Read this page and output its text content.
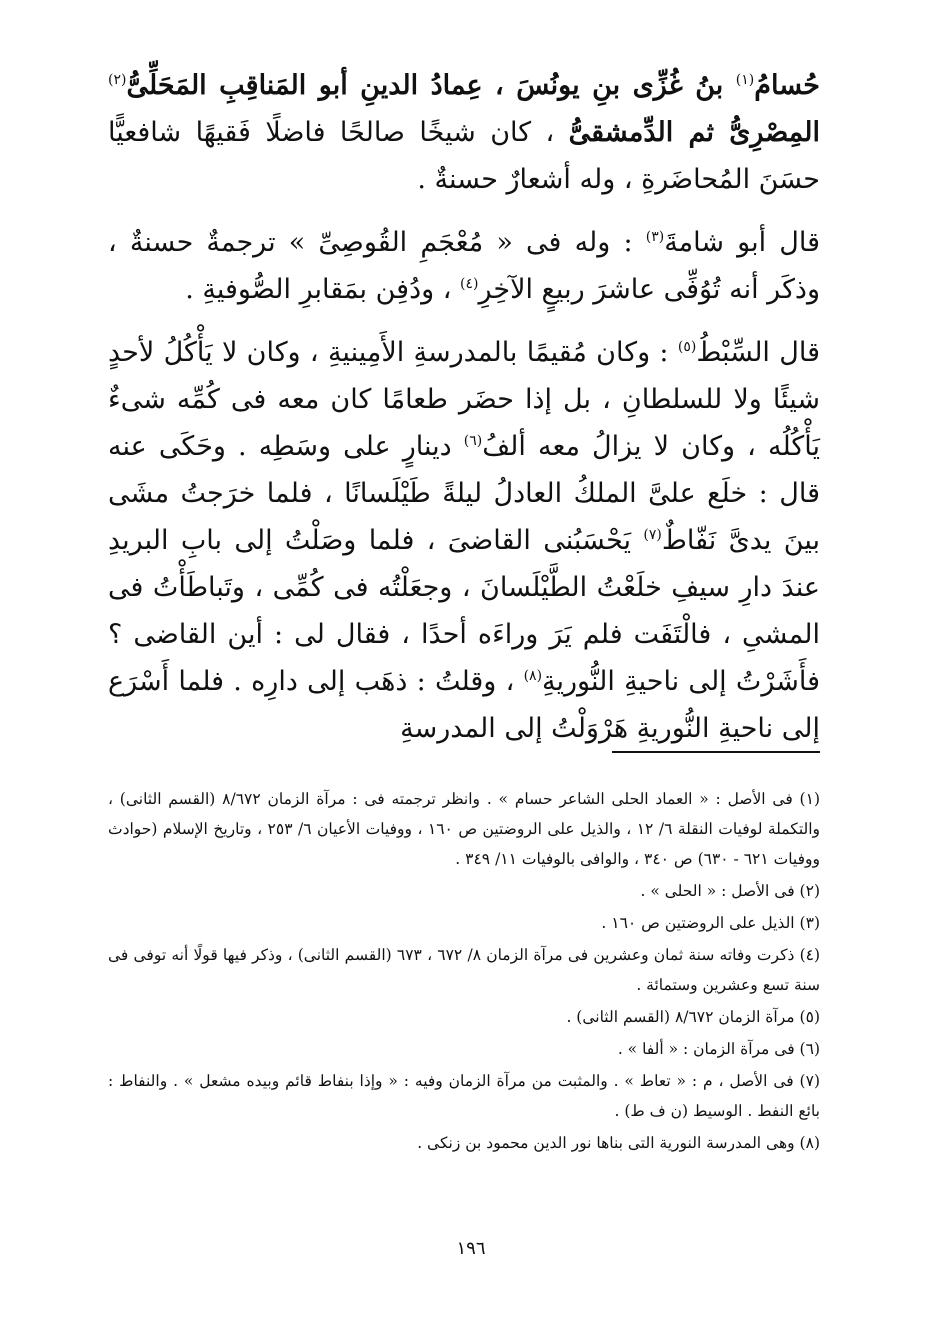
حُسامُ$^{(١)}$ بنُ غُزِّى بنِ يونُسَ ، عِمادُ الدينِ أبو المَناقِبِ المَحَلِّىُّ$^{(٢)}$ المِصْرِىُّ ثم الدِّمشقىُّ ، كان شيخًا صالحًا فاضلًا فَقيهًا شافعيًّا حسَنَ المُحاضَرةِ ، وله أشعارٌ حسنةٌ .

قال أبو شامةَ$^{(٣)}$ : وله فى « مُعْجَمِ القُوصِىِّ » ترجمةٌ حسنةٌ ، وذكَر أنه تُوُفِّى عاشرَ ربيعٍ الآخِرِ$^{(٤)}$ ، ودُفِن بمَقابرِ الصُّوفيةِ .

قال السِّبْطُ$^{(٥)}$ : وكان مُقيمًا بالمدرسةِ الأَمِينيةِ ، وكان لا يَأْكُلُ لأحدٍ شيئًا ولا للسلطانِ ، بل إذا حضَر طعامًا كان معه فى كُمِّه شىءٌ يَأْكُلُه ، وكان لا يزالُ معه ألفُ$^{(٦)}$ دينارٍ على وسَطِه . وحَكَى عنه قال : خلَع علىَّ الملكُ العادلُ ليلةً طَيْلَسانًا ، فلما خرَجتُ مشَى بينَ يدىَّ نَفّاطٌ$^{(٧)}$ يَحْسَبُنى القاضىَ ، فلما وصَلْتُ إلى بابِ البريدِ عندَ دارِ سيفِ خلَعْتُ الطَّيْلَسانَ ، وجعَلْتُه فى كُمِّى ، وتَباطَأْتُ فى المشىِ ، فالْتَفَت فلم يَرَ وراءَه أحدًا ، فقال لى : أين القاضى ؟ فأَشَرْتُ إلى ناحيةِ النُّوريةِ$^{(٨)}$ ، وقلتُ : ذهَب إلى دارِه . فلما أَسْرَع إلى ناحيةِ النُّوريةِ هَرْوَلْتُ إلى المدرسةِ

(١) فى الأصل : « العماد الحلى الشاعر حسام » . وانظر ترجمته فى : مرآة الزمان ٨/٦٧٢ (القسم الثانى) ، والتكملة لوفيات النقلة ٦/ ١٢ ، والذيل على الروضتين ص ١٦٠ ، ووفيات الأعيان ٦/ ٢٥٣ ، وتاريخ الإسلام (حوادث ووفيات ٦٢١ - ٦٣٠) ص ٣٤٠ ، والوافى بالوفيات ١١/ ٣٤٩ .

(٢) فى الأصل : « الحلى » .

(٣) الذيل على الروضتين ص ١٦٠ .

(٤) ذكرت وفاته سنة ثمان وعشرين فى مرآة الزمان ٨/ ٦٧٢ ، ٦٧٣ (القسم الثانى) ، وذكر فيها قولًا أنه توفى فى سنة تسع وعشرين وستمائة .

(٥) مرآة الزمان ٨/٦٧٢ (القسم الثانى) .

(٦) فى مرآة الزمان : « ألفا » .

(٧) فى الأصل ، م : « تعاط » . والمثبت من مرآة الزمان وفيه : « وإذا بنفاط قائم وبيده مشعل » . والنفاط : بائع النفط . الوسيط (ن ف ط) .

(٨) وهى المدرسة النورية التى بناها نور الدين محمود بن زنكى .

١٩٦
